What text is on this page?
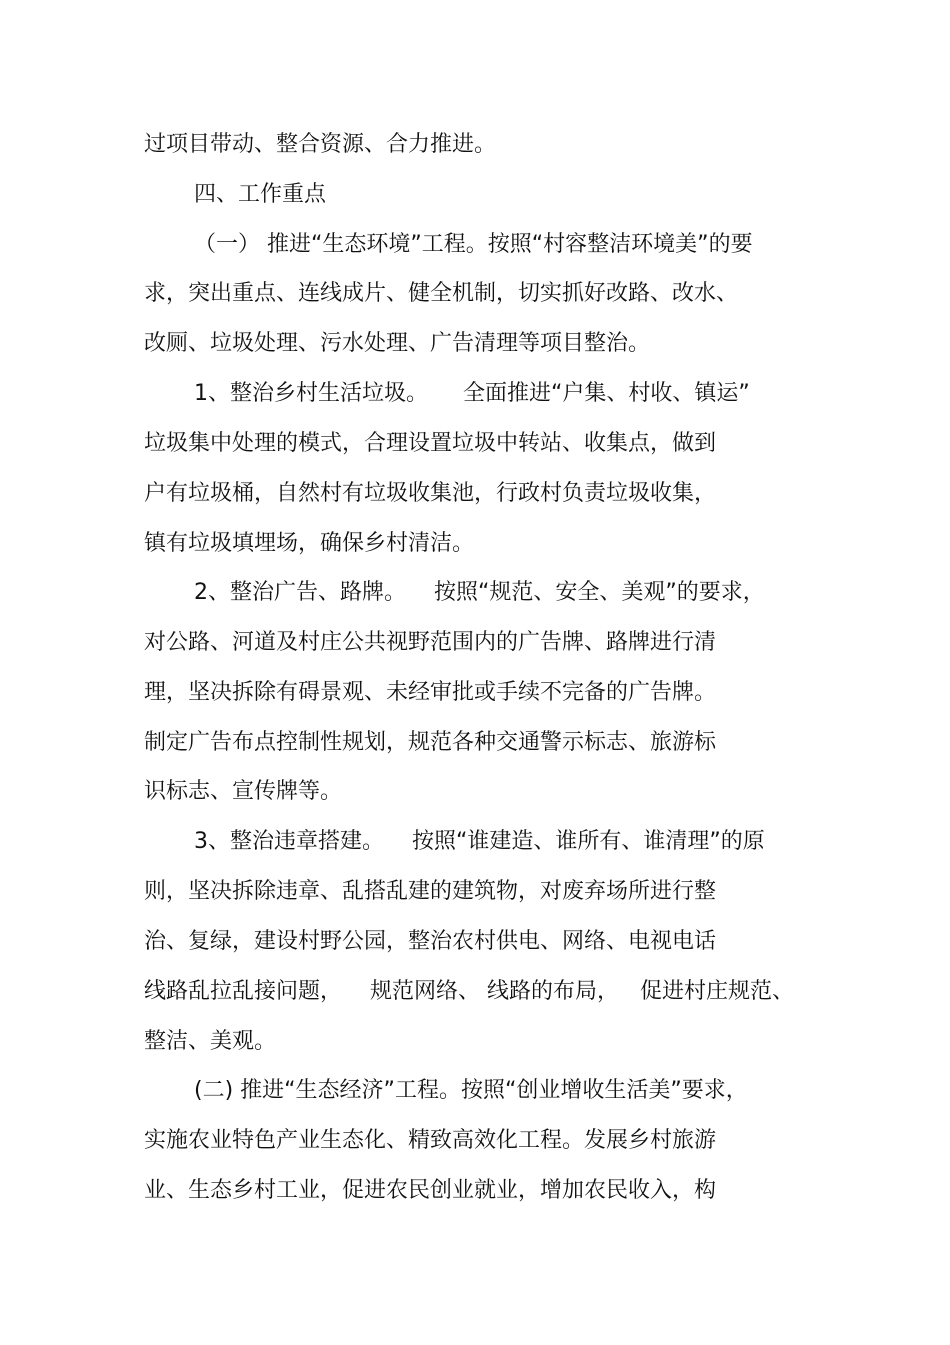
过项目带动、整合资源、合力推进。

四、工作重点

（一） 推进“生态环境”工程。按照“村容整洁环境美”的要

求，突出重点、连线成片、健全机制，切实抓好改路、改水、

改厕、垃圾处理、污水处理、广告清理等项目整治。

1、整治乡村生活垃圾。     全面推进“户集、村收、镇运”

垃圾集中处理的模式，合理设置垃圾中转站、收集点，做到

户有垃圾桶，自然村有垃圾收集池，行政村负责垃圾收集，

镇有垃圾填埋场，确保乡村清洁。

2、整治广告、路牌。    按照“规范、安全、美观”的要求，

对公路、河道及村庄公共视野范围内的广告牌、路牌进行清

理，坚决拆除有碍景观、未经审批或手续不完备的广告牌。

制定广告布点控制性规划，规范各种交通警示标志、旅游标

识标志、宣传牌等。

3、整治违章搭建。    按照“谁建造、谁所有、谁清理”的原

则，坚决拆除违章、乱搭乱建的建筑物，对废弃场所进行整

治、复绿，建设村野公园，整治农村供电、网络、电视电话

线路乱拉乱接问题，    规范网络、 线路的布局，   促进村庄规范、

整洁、美观。

(二) 推进“生态经济”工程。按照“创业增收生活美”要求，

实施农业特色产业生态化、精致高效化工程。发展乡村旅游

业、生态乡村工业，促进农民创业就业，增加农民收入，构
